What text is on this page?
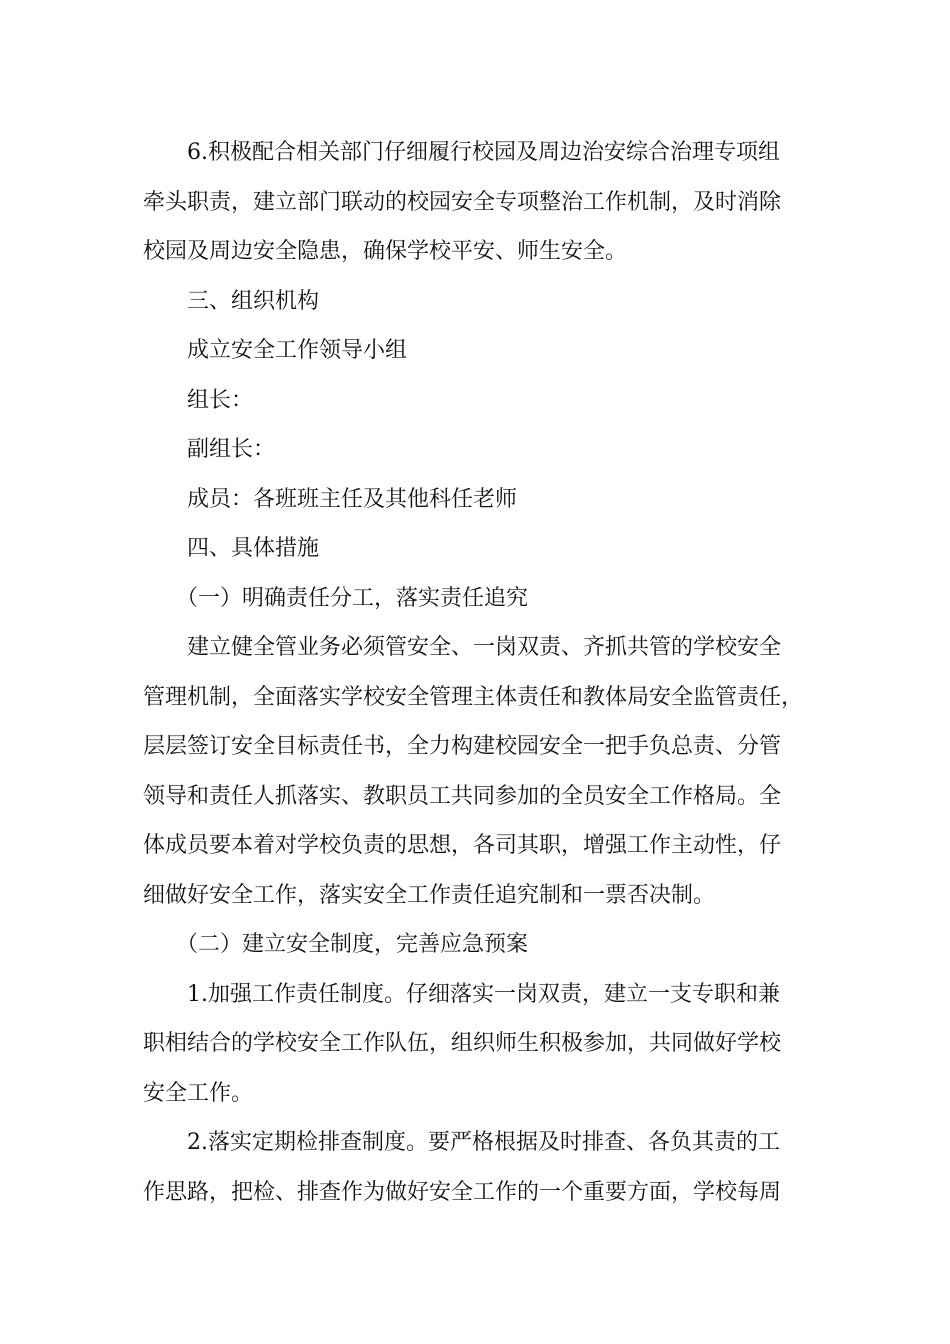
6.积极配合相关部门仔细履行校园及周边治安综合治理专项组

牵头职责，建立部门联动的校园安全专项整治工作机制，及时消除

校园及周边安全隐患，确保学校平安、师生安全。

三、组织机构

成立安全工作领导小组

组长：

副组长：

成员：各班班主任及其他科任老师

四、具体措施

（一）明确责任分工，落实责任追究

建立健全管业务必须管安全、一岗双责、齐抓共管的学校安全

管理机制，全面落实学校安全管理主体责任和教体局安全监管责任，

层层签订安全目标责任书，全力构建校园安全一把手负总责、分管

领导和责任人抓落实、教职员工共同参加的全员安全工作格局。全

体成员要本着对学校负责的思想，各司其职，增强工作主动性，仔

细做好安全工作，落实安全工作责任追究制和一票否决制。

（二）建立安全制度，完善应急预案

1.加强工作责任制度。仔细落实一岗双责，建立一支专职和兼

职相结合的学校安全工作队伍，组织师生积极参加，共同做好学校

安全工作。

2.落实定期检排查制度。要严格根据及时排查、各负其责的工

作思路，把检、排查作为做好安全工作的一个重要方面，学校每周
